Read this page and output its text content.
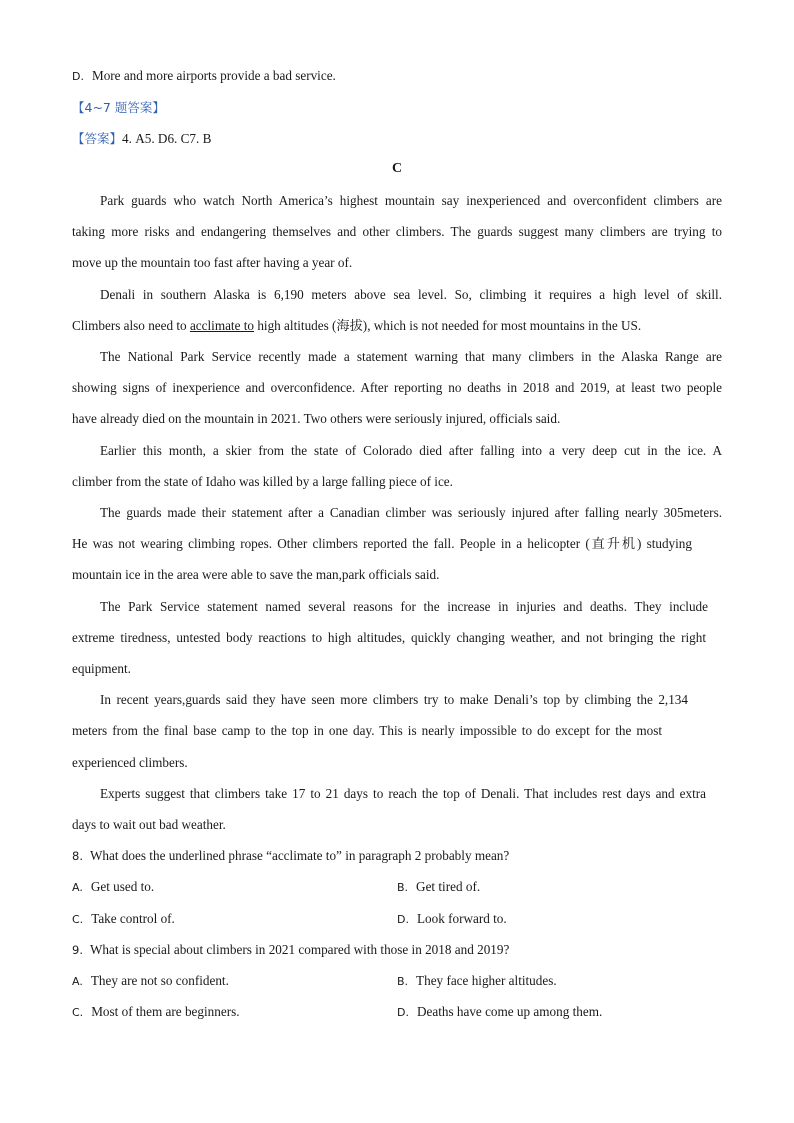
D. More and more airports provide a bad service.
【4~7 题答案】
【答案】4. A5. D6. C7. B
C
Park guards who watch North America’s highest mountain say inexperienced and overconfident climbers are
taking more risks and endangering themselves and other climbers. The guards suggest many climbers are trying to
move up the mountain too fast after having a year of.
Denali in southern Alaska is 6,190 meters above sea level. So, climbing it requires a high level of skill.
Climbers also need to acclimate to high altitudes (海拔), which is not needed for most mountains in the US.
The National Park Service recently made a statement warning that many climbers in the Alaska Range are
showing signs of inexperience and overconfidence. After reporting no deaths in 2018 and 2019, at least two people
have already died on the mountain in 2021. Two others were seriously injured, officials said.
Earlier this month, a skier from the state of Colorado died after falling into a very deep cut in the ice. A
climber from the state of Idaho was killed by a large falling piece of ice.
The guards made their statement after a Canadian climber was seriously injured after falling nearly 305meters.
He was not wearing climbing ropes. Other climbers reported the fall. People in a helicopter (直升机) studying
mountain ice in the area were able to save the man,park officials said.
The Park Service statement named several reasons for the increase in injuries and deaths. They include
extreme tiredness, untested body reactions to high altitudes, quickly changing weather, and not bringing the right
equipment.
In recent years,guards said they have seen more climbers try to make Denali’s top by climbing the 2,134
meters from the final base camp to the top in one day. This is nearly impossible to do except for the most
experienced climbers.
Experts suggest that climbers take 17 to 21 days to reach the top of Denali. That includes rest days and extra
days to wait out bad weather.
8. What does the underlined phrase “acclimate to” in paragraph 2 probably mean?
A. Get used to.	B. Get tired of.
C. Take control of.	D. Look forward to.
9. What is special about climbers in 2021 compared with those in 2018 and 2019?
A. They are not so confident.	B. They face higher altitudes.
C. Most of them are beginners.	D. Deaths have come up among them.
